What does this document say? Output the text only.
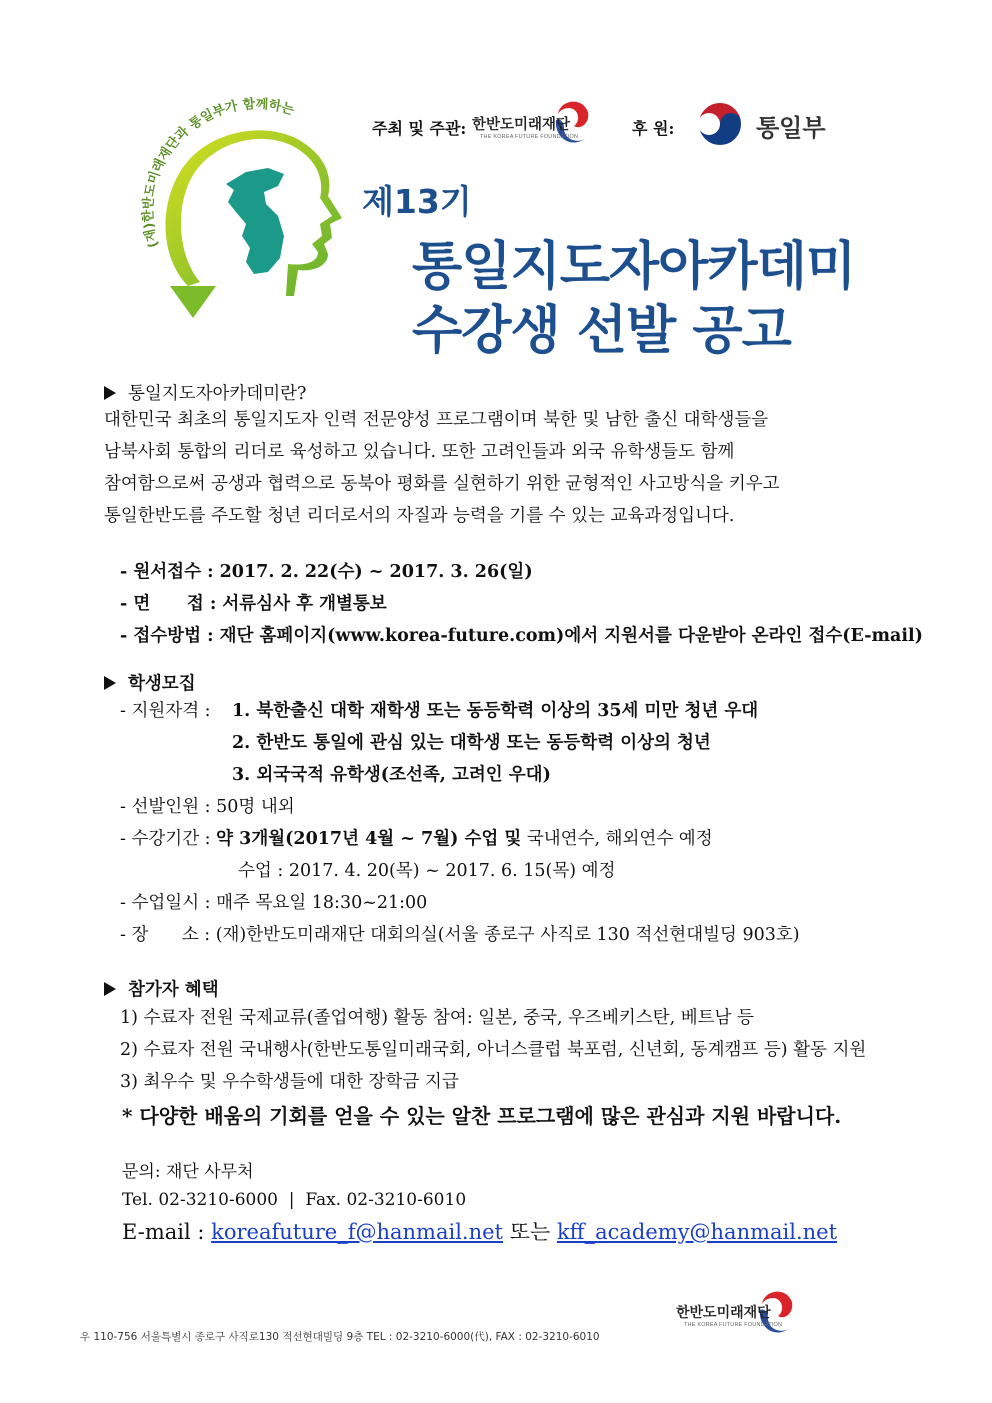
(재)한반도미래재단과 통일부가 함께하는
주최 및 주관: 한반도미래재단
THE KOREA FUTURE FOUNDATION	후 원:	통일부
제13기
통일지도자아카데미
수강생 선발 공고
통일지도자아카데미란?
대한민국 최초의 통일지도자 인력 전문양성 프로그램이며 북한 및 남한 출신 대학생들을
남북사회 통합의 리더로 육성하고 있습니다. 또한 고려인들과 외국 유학생들도 함께
참여함으로써 공생과 협력으로 동북아 평화를 실현하기 위한 균형적인 사고방식을 키우고
통일한반도를 주도할 청년 리더로서의 자질과 능력을 기를 수 있는 교육과정입니다.
- 원서접수 : 2017. 2. 22(수) ~ 2017. 3. 26(일)
- 면      접 : 서류심사 후 개별통보
- 접수방법 : 재단 홈페이지(www.korea-future.com)에서 지원서를 다운받아 온라인 접수(E-mail)
학생모집
- 지원자격 : 1. 북한출신 대학 재학생 또는 동등학력 이상의 35세 미만 청년 우대
2. 한반도 통일에 관심 있는 대학생 또는 동등학력 이상의 청년
3. 외국국적 유학생(조선족, 고려인 우대)
- 선발인원 : 50명 내외
- 수강기간 : 약 3개월(2017년 4월 ~ 7월) 수업 및 국내연수, 해외연수 예정
수업 : 2017. 4. 20(목) ~ 2017. 6. 15(목) 예정
- 수업일시 : 매주 목요일 18:30~21:00
- 장      소 : (재)한반도미래재단 대회의실(서울 종로구 사직로 130 적선현대빌딩 903호)
참가자 혜택
1) 수료자 전원 국제교류(졸업여행) 활동 참여: 일본, 중국, 우즈베키스탄, 베트남 등
2) 수료자 전원 국내행사(한반도통일미래국회, 아너스클럽 북포럼, 신년회, 동계캠프 등) 활동 지원
3) 최우수 및 우수학생들에 대한 장학금 지급
* 다양한 배움의 기회를 얻을 수 있는 알찬 프로그램에 많은 관심과 지원 바랍니다.
문의: 재단 사무처
Tel. 02-3210-6000  |  Fax. 02-3210-6010
E-mail : koreafuture_f@hanmail.net 또는 kff_academy@hanmail.net
한반도미래재단
THE KOREA FUTURE FOUNDATION
우 110-756 서울특별시 종로구 사직로130 적선현대빌딩 9층 TEL : 02-3210-6000(代), FAX : 02-3210-6010
